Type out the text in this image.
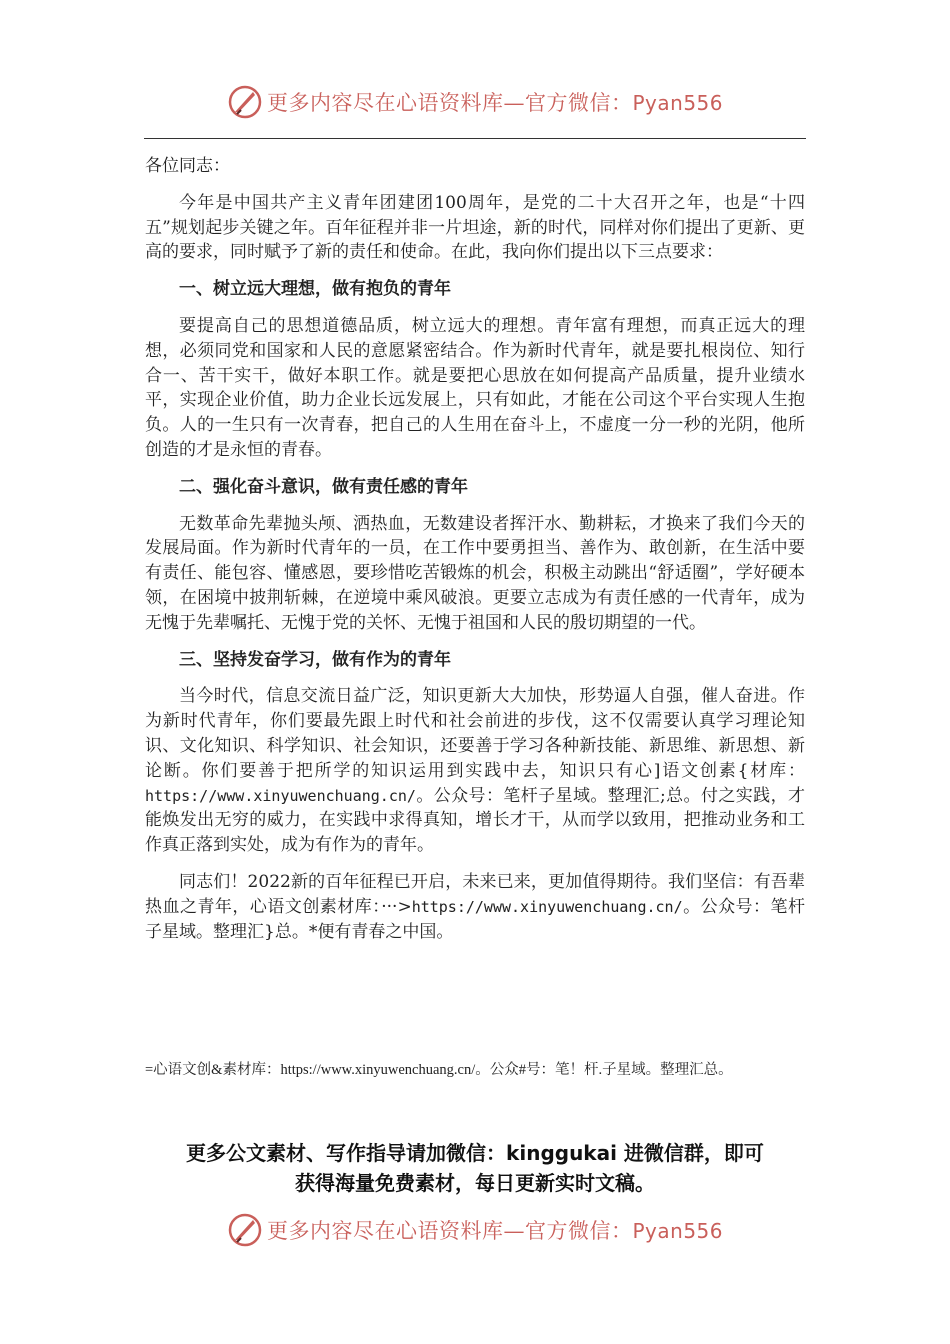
更多内容尽在心语资料库—官方微信：Pyan556

各位同志：

今年是中国共产主义青年团建团100周年，是党的二十大召开之年，也是“十四五”规划起步关键之年。百年征程并非一片坦途，新的时代，同样对你们提出了更新、更高的要求，同时赋予了新的责任和使命。在此，我向你们提出以下三点要求：

一、树立远大理想，做有抱负的青年

要提高自己的思想道德品质，树立远大的理想。青年富有理想，而真正远大的理想，必须同党和国家和人民的意愿紧密结合。作为新时代青年，就是要扎根岗位、知行合一、苦干实干，做好本职工作。就是要把心思放在如何提高产品质量，提升业绩水平，实现企业价值，助力企业长远发展上，只有如此，才能在公司这个平台实现人生抱负。人的一生只有一次青春，把自己的人生用在奋斗上，不虚度一分一秒的光阴，他所创造的才是永恒的青春。

二、强化奋斗意识，做有责任感的青年

无数革命先辈抛头颅、洒热血，无数建设者挥汗水、勤耕耘，才换来了我们今天的发展局面。作为新时代青年的一员，在工作中要勇担当、善作为、敢创新，在生活中要有责任、能包容、懂感恩，要珍惜吃苦锻炼的机会，积极主动跳出“舒适圈”，学好硬本领，在困境中披荆斩棘，在逆境中乘风破浪。更要立志成为有责任感的一代青年，成为无愧于先辈嘱托、无愧于党的关怀、无愧于祖国和人民的殷切期望的一代。

三、坚持发奋学习，做有作为的青年

当今时代，信息交流日益广泛，知识更新大大加快，形势逼人自强，催人奋进。作为新时代青年，你们要最先跟上时代和社会前进的步伐，这不仅需要认真学习理论知识、文化知识、科学知识、社会知识，还要善于学习各种新技能、新思维、新思想、新论断。你们要善于把所学的知识运用到实践中去，知识只有心]语文创素{材库：https://www.xinyuwenchuang.cn/。公众号：笔杆子星域。整理汇;总。付之实践，才能焕发出无穷的威力，在实践中求得真知，增长才干，从而学以致用，把推动业务和工作真正落到实处，成为有作为的青年。

同志们！2022新的百年征程已开启，未来已来，更加值得期待。我们坚信：有吾辈热血之青年，心语文创素材库：···>https://www.xinyuwenchuang.cn/。公众号：笔杆子星域。整理汇}总。*便有青春之中国。

=心语文创&素材库：https://www.xinyuwenchuang.cn/。公众#号：笔！杆.子星域。整理汇总。
更多公文素材、写作指导请加微信：kinggukai 进微信群，即可
获得海量免费素材，每日更新实时文稿。
更多内容尽在心语资料库—官方微信：Pyan556
